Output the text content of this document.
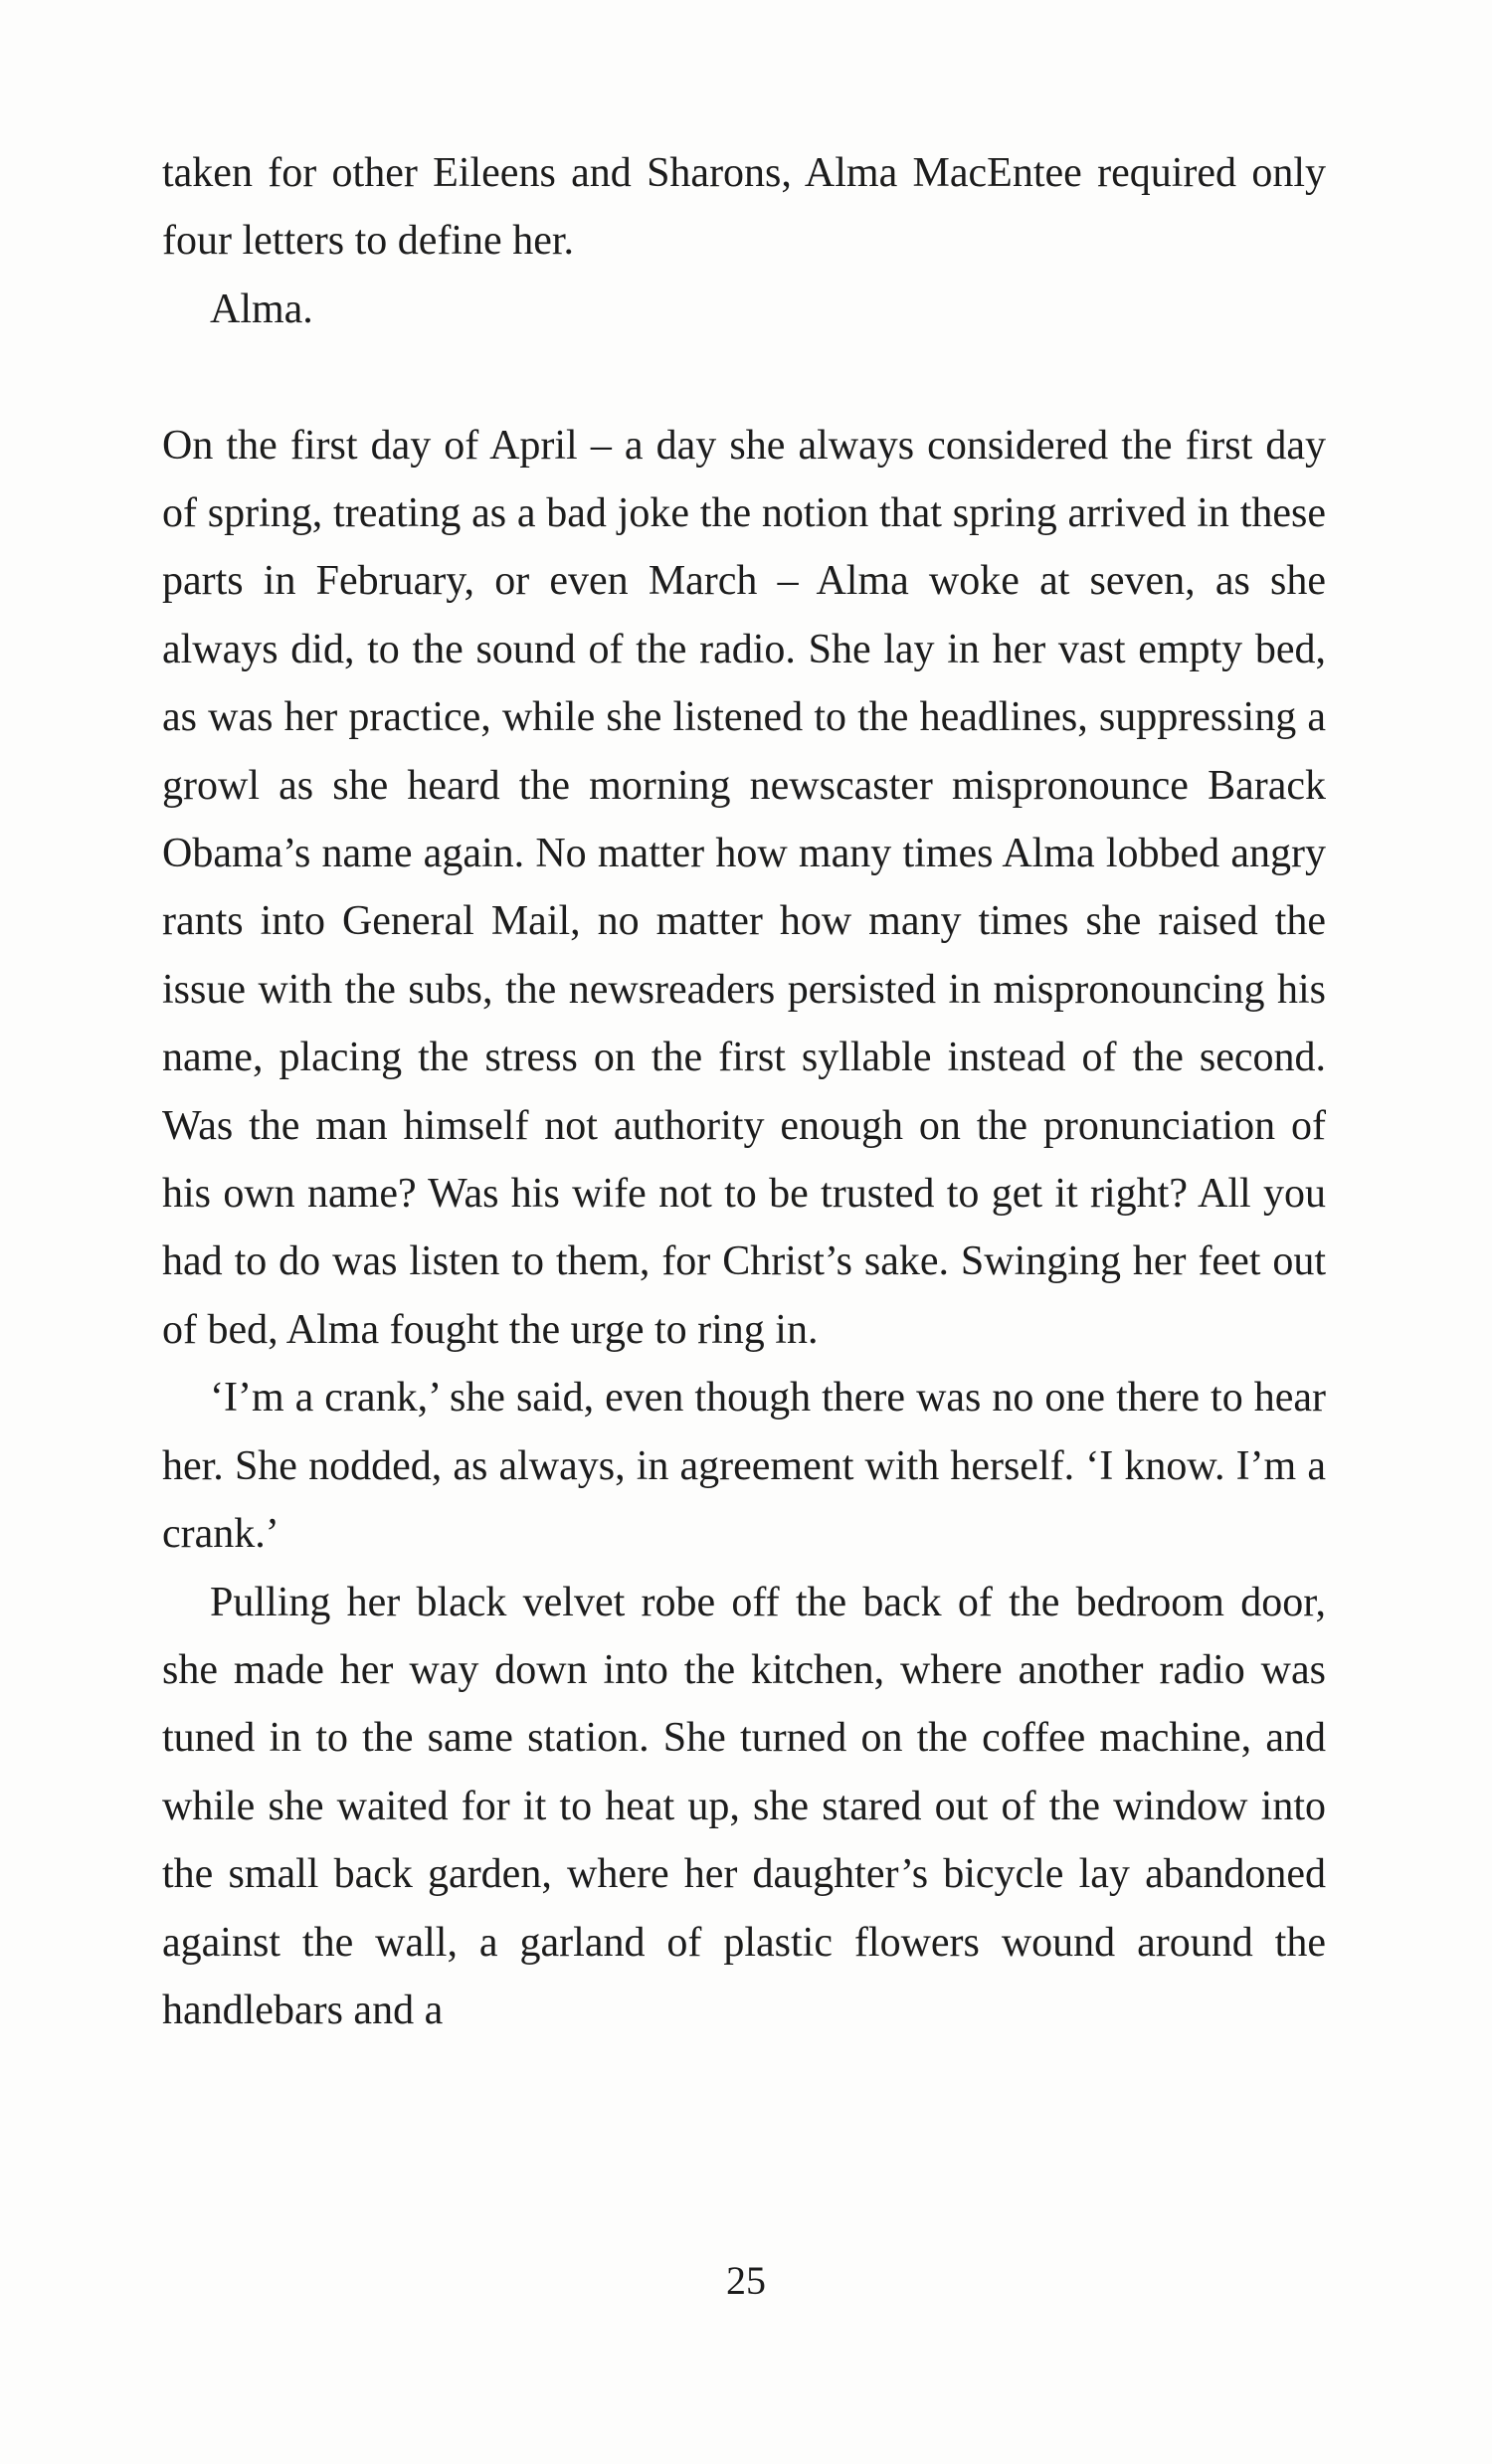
taken for other Eileens and Sharons, Alma MacEntee required only four letters to define her.

Alma.

On the first day of April – a day she always considered the first day of spring, treating as a bad joke the notion that spring arrived in these parts in February, or even March – Alma woke at seven, as she always did, to the sound of the radio. She lay in her vast empty bed, as was her practice, while she listened to the headlines, suppressing a growl as she heard the morning newscaster mispronounce Barack Obama’s name again. No matter how many times Alma lobbed angry rants into General Mail, no matter how many times she raised the issue with the subs, the newsreaders persisted in mispronouncing his name, placing the stress on the first syllable instead of the second. Was the man himself not authority enough on the pronunciation of his own name? Was his wife not to be trusted to get it right? All you had to do was listen to them, for Christ’s sake. Swinging her feet out of bed, Alma fought the urge to ring in.

‘I’m a crank,’ she said, even though there was no one there to hear her. She nodded, as always, in agreement with herself. ‘I know. I’m a crank.’

Pulling her black velvet robe off the back of the bedroom door, she made her way down into the kitchen, where another radio was tuned in to the same station. She turned on the coffee machine, and while she waited for it to heat up, she stared out of the window into the small back garden, where her daughter’s bicycle lay abandoned against the wall, a garland of plastic flowers wound around the handlebars and a

25
